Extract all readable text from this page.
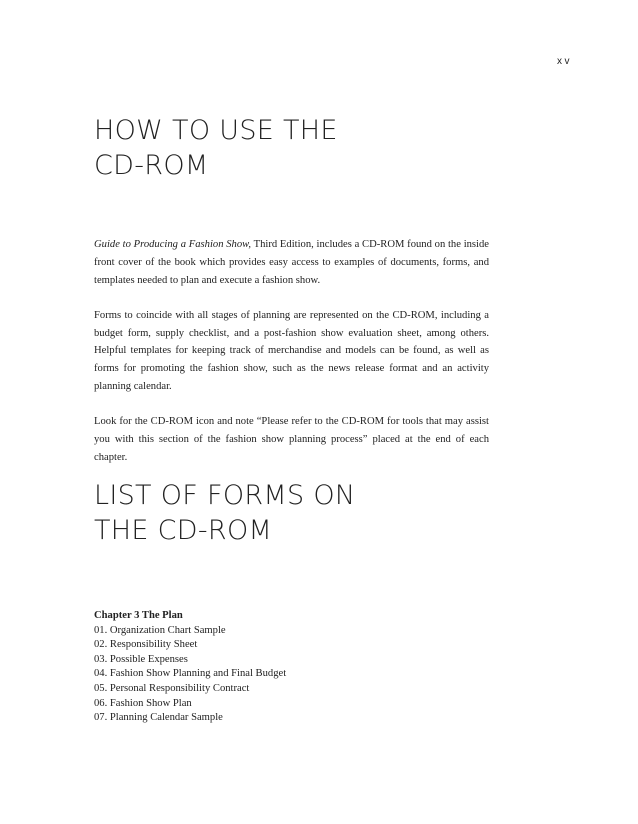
xv
HOW TO USE THE
CD-ROM

Guide to Producing a Fashion Show, Third Edition, includes a CD-ROM found on the inside front cover of the book which provides easy access to examples of documents, forms, and templates needed to plan and execute a fashion show.

Forms to coincide with all stages of planning are represented on the CD-ROM, including a budget form, supply checklist, and a post-fashion show evaluation sheet, among others. Helpful templates for keeping track of merchandise and models can be found, as well as forms for promoting the fashion show, such as the news release format and an activity planning calendar.

Look for the CD-ROM icon and note “Please refer to the CD-ROM for tools that may assist you with this section of the fashion show planning process” placed at the end of each chapter.

LIST OF FORMS ON
THE CD-ROM
Chapter 3 The Plan
01. Organization Chart Sample
02. Responsibility Sheet
03. Possible Expenses
04. Fashion Show Planning and Final Budget
05. Personal Responsibility Contract
06. Fashion Show Plan
07. Planning Calendar Sample
